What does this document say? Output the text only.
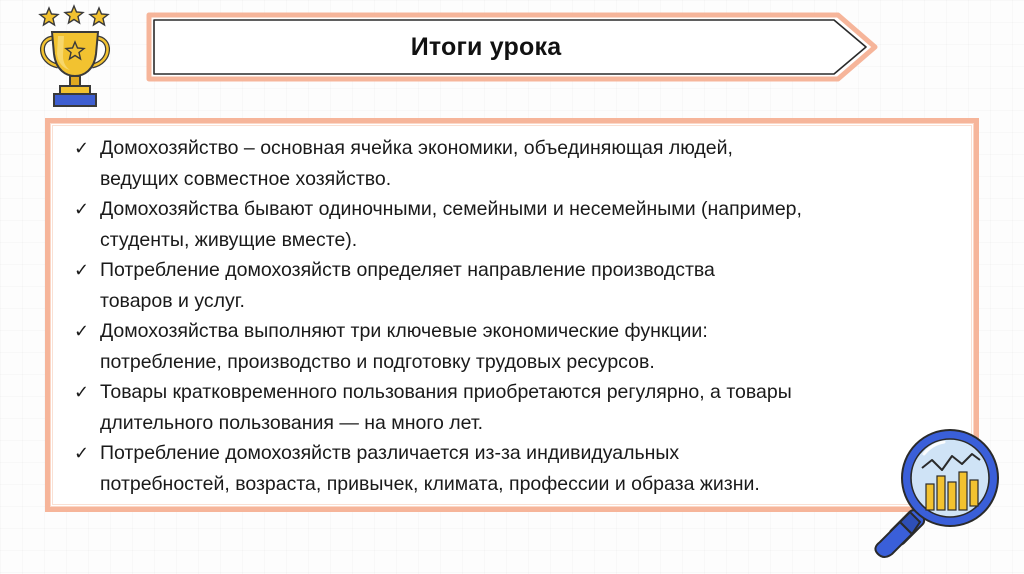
Итоги урока
✓ Домохозяйство – основная ячейка экономики, объединяющая людей,
ведущих совместное хозяйство.
✓ Домохозяйства бывают одиночными, семейными и несемейными (например,
студенты, живущие вместе).
✓ Потребление домохозяйств определяет направление производства
товаров и услуг.
✓ Домохозяйства выполняют три ключевые экономические функции:
потребление, производство и подготовку трудовых ресурсов.
✓ Товары кратковременного пользования приобретаются регулярно, а товары
длительного пользования — на много лет.
✓ Потребление домохозяйств различается из-за индивидуальных
потребностей, возраста, привычек, климата, профессии и образа жизни.
